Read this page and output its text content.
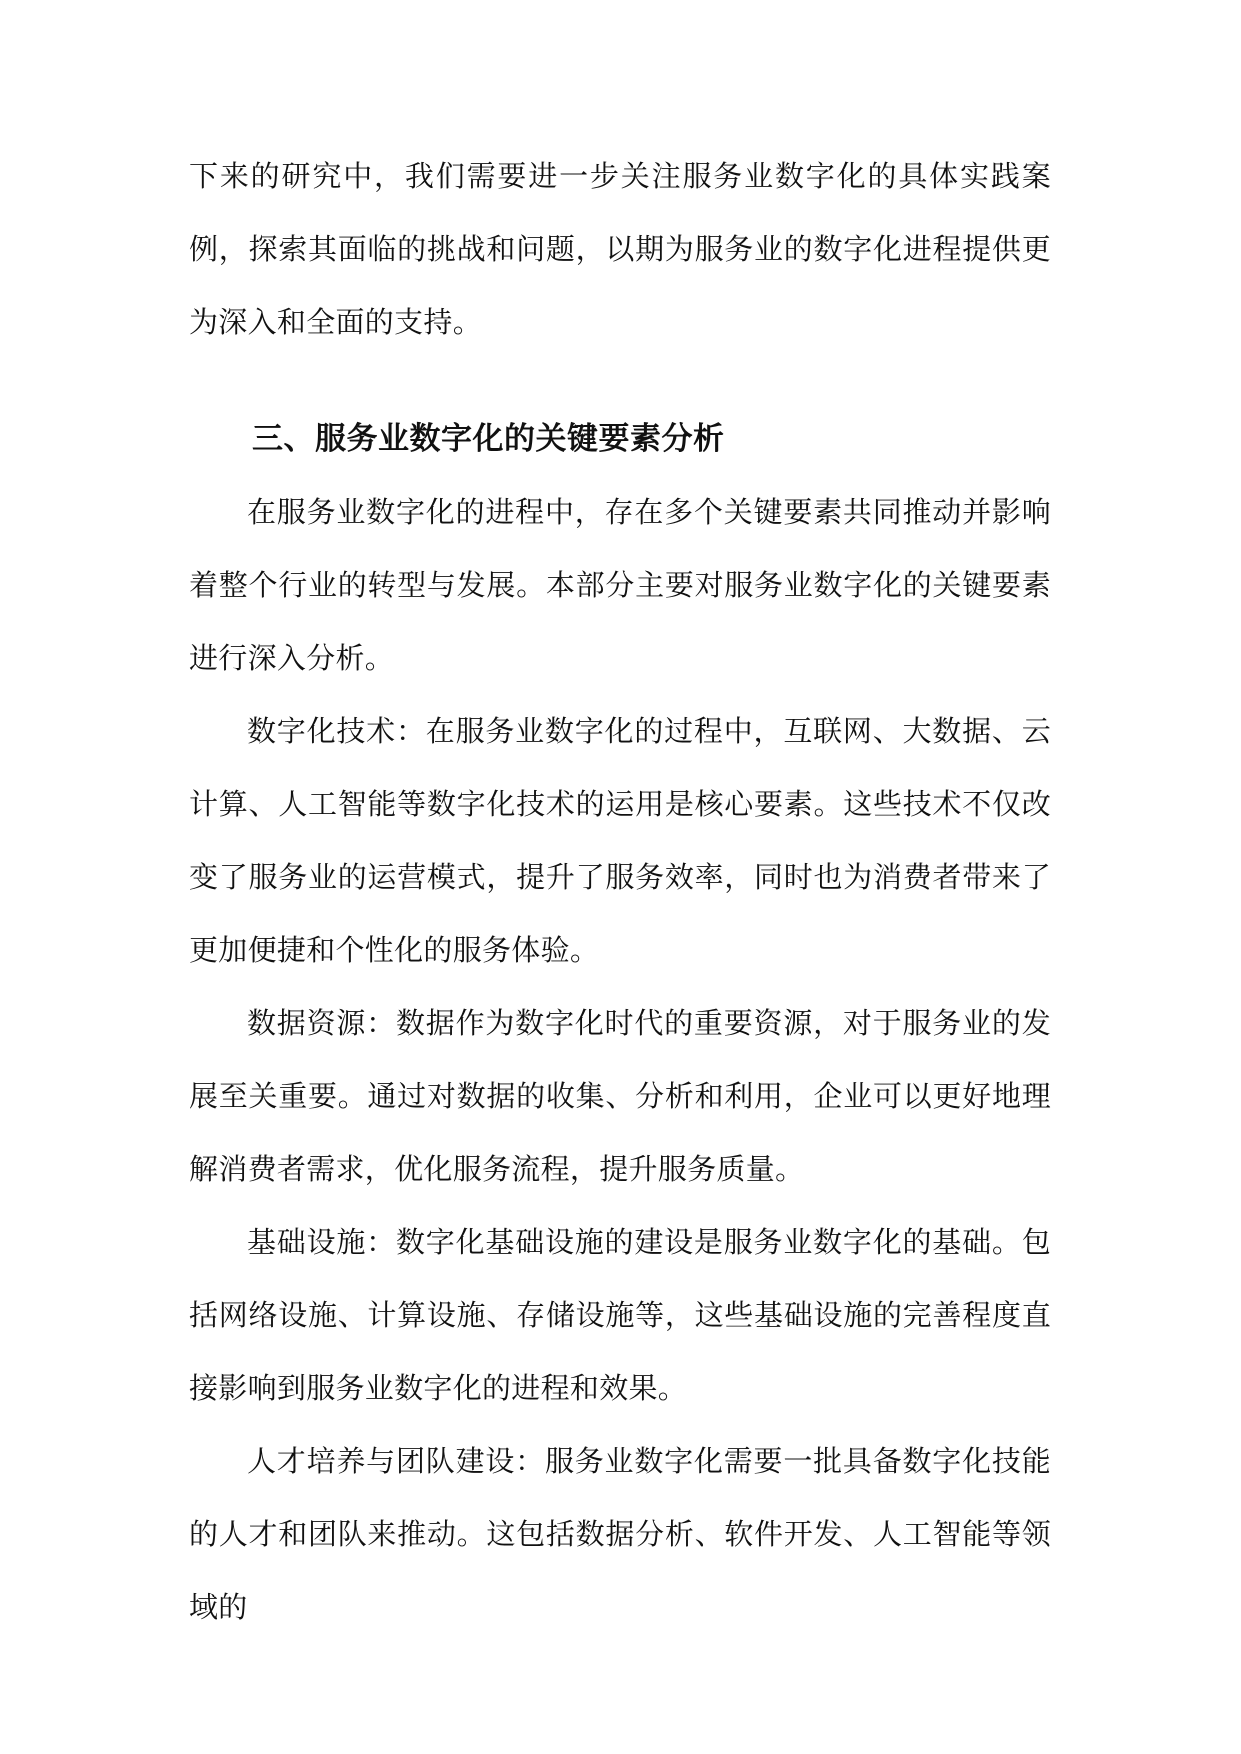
下来的研究中，我们需要进一步关注服务业数字化的具体实践案例，探索其面临的挑战和问题，以期为服务业的数字化进程提供更为深入和全面的支持。

三、服务业数字化的关键要素分析

在服务业数字化的进程中，存在多个关键要素共同推动并影响着整个行业的转型与发展。本部分主要对服务业数字化的关键要素进行深入分析。

数字化技术：在服务业数字化的过程中，互联网、大数据、云计算、人工智能等数字化技术的运用是核心要素。这些技术不仅改变了服务业的运营模式，提升了服务效率，同时也为消费者带来了更加便捷和个性化的服务体验。

数据资源：数据作为数字化时代的重要资源，对于服务业的发展至关重要。通过对数据的收集、分析和利用，企业可以更好地理解消费者需求，优化服务流程，提升服务质量。

基础设施：数字化基础设施的建设是服务业数字化的基础。包括网络设施、计算设施、存储设施等，这些基础设施的完善程度直接影响到服务业数字化的进程和效果。

人才培养与团队建设：服务业数字化需要一批具备数字化技能的人才和团队来推动。这包括数据分析、软件开发、人工智能等领域的
